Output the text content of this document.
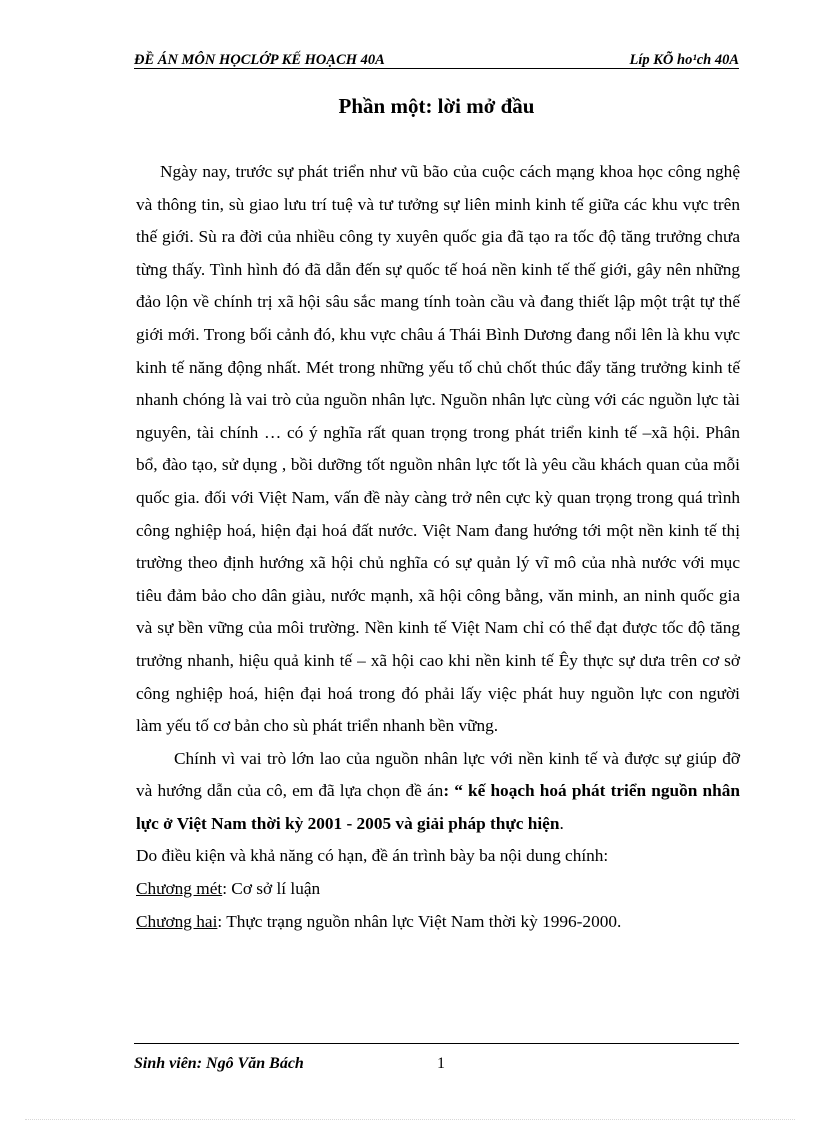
ĐỀ ÁN MÔN HỌCLỚP KẾ HOẠCH 40A	Líp KÕ ho¹ch 40A
Phần một: lời mở đầu

Ngày nay, trước sự phát triển như vũ bão của cuộc cách mạng khoa học công nghệ và thông tin, sù giao lưu trí tuệ và tư tưởng sự liên minh kinh tế giữa các khu vực trên thế giới. Sù ra đời của nhiều công ty xuyên quốc gia đã tạo ra tốc độ tăng trưởng chưa từng thấy. Tình hình đó đã dẫn đến sự quốc tế hoá nền kinh tế thế giới, gây nên những đảo lộn về chính trị xã hội sâu sắc mang tính toàn cầu và đang thiết lập một trật tự thế giới mới. Trong bối cảnh đó, khu vực châu á Thái Bình Dương đang nổi lên là khu vực kinh tế năng động nhất. Mét trong những yếu tố chủ chốt thúc đẩy tăng trưởng kinh tế nhanh chóng là vai trò của nguồn nhân lực. Nguồn nhân lực cùng với các nguồn lực tài nguyên, tài chính … có ý nghĩa rất quan trọng trong phát triển kinh tế –xã hội. Phân bổ, đào tạo, sử dụng , bồi dưỡng tốt nguồn nhân lực tốt là yêu cầu khách quan của mỗi quốc gia. đối với Việt Nam, vấn đề này càng trở nên cực kỳ quan trọng trong quá trình công nghiệp hoá, hiện đại hoá đất nước. Việt Nam đang hướng tới một nền kinh tế thị trường theo định hướng xã hội chủ nghĩa có sự quản lý vĩ mô của nhà nước với mục tiêu đảm bảo cho dân giàu, nước mạnh, xã hội công bằng, văn minh, an ninh quốc gia và sự bền vững của môi trường. Nền kinh tế Việt Nam chỉ có thể đạt được tốc độ tăng trưởng nhanh, hiệu quả kinh tế – xã hội cao khi nền kinh tế Êy thực sự dưa trên cơ sở công nghiệp hoá, hiện đại hoá trong đó phải lấy việc phát huy nguồn lực con người làm yếu tố cơ bản cho sù phát triển nhanh bền vững.

Chính vì vai trò lớn lao của nguồn nhân lực với nền kinh tế và được sự giúp đỡ và hướng dẫn của cô, em đã lựa chọn đề án: “ kế hoạch hoá phát triển nguồn nhân lực ở Việt Nam thời kỳ 2001 - 2005 và giải pháp thực hiện.

Do điều kiện và khả năng có hạn, đề án trình bày ba nội dung chính:

Chương mét: Cơ sở lí luận

Chương hai: Thực trạng nguồn nhân lực Việt Nam thời kỳ 1996-2000.

Sinh viên: Ngô Văn Bách	1
